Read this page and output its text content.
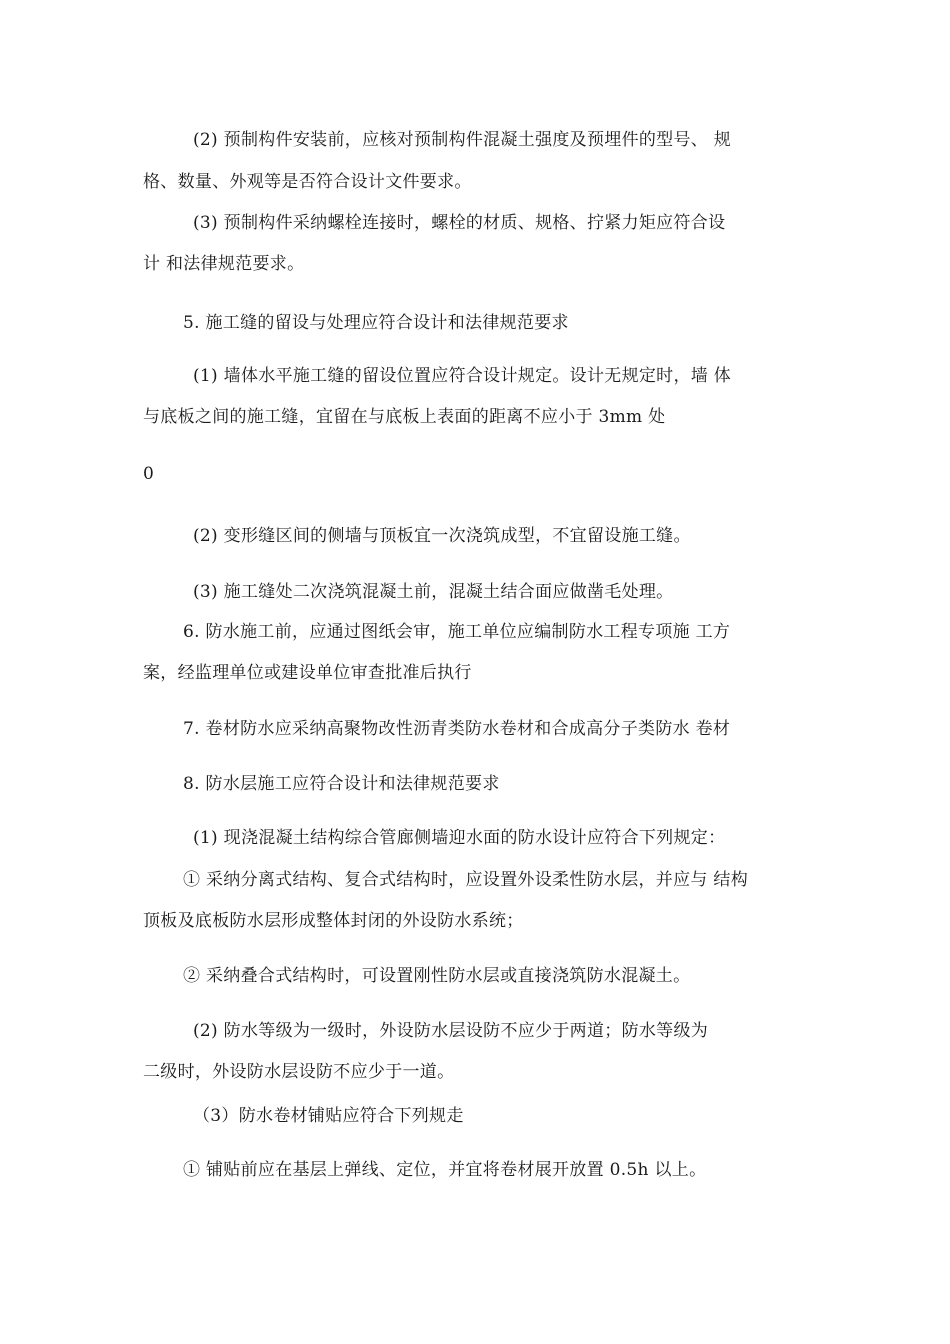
(2) 预制构件安装前，应核对预制构件混凝土强度及预埋件的型号、 规

格、数量、外观等是否符合设计文件要求。

(3) 预制构件采纳螺栓连接时，螺栓的材质、规格、拧紧力矩应符合设

计 和法律规范要求。

5. 施工缝的留设与处理应符合设计和法律规范要求

(1) 墙体水平施工缝的留设位置应符合设计规定。设计无规定时，墙 体

与底板之间的施工缝，宜留在与底板上表面的距离不应小于 3mm 处

0

(2) 变形缝区间的侧墙与顶板宜一次浇筑成型，不宜留设施工缝。

(3) 施工缝处二次浇筑混凝土前，混凝土结合面应做凿毛处理。

6. 防水施工前，应通过图纸会审，施工单位应编制防水工程专项施 工方

案，经监理单位或建设单位审查批准后执行

7. 卷材防水应采纳高聚物改性沥青类防水卷材和合成高分子类防水 卷材

8. 防水层施工应符合设计和法律规范要求

(1) 现浇混凝土结构综合管廊侧墙迎水面的防水设计应符合下列规定：

① 采纳分离式结构、复合式结构时，应设置外设柔性防水层，并应与 结构

顶板及底板防水层形成整体封闭的外设防水系统；

② 采纳叠合式结构时，可设置刚性防水层或直接浇筑防水混凝土。

(2) 防水等级为一级时，外设防水层设防不应少于两道；防水等级为

二级时，外设防水层设防不应少于一道。

（3）防水卷材铺贴应符合下列规走

① 铺贴前应在基层上弹线、定位，并宜将卷材展开放置 0.5h 以上。
